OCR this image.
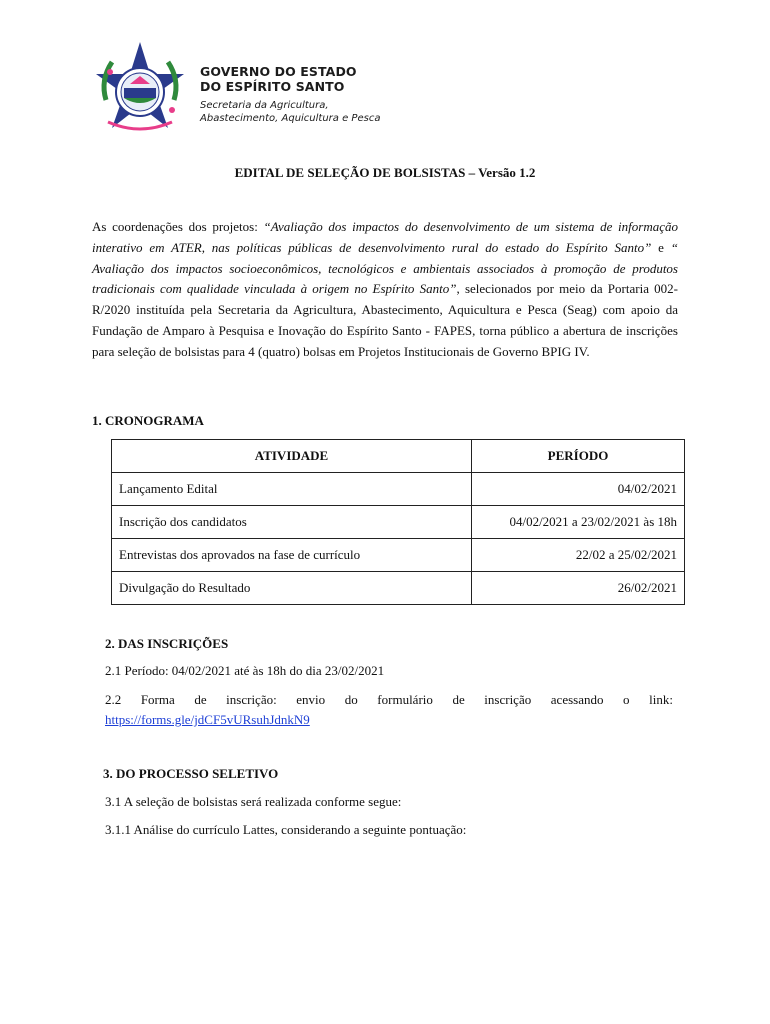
GOVERNO DO ESTADO
DO ESPÍRITO SANTO
Secretaria da Agricultura,
Abastecimento, Aquicultura e Pesca
EDITAL DE SELEÇÃO DE BOLSISTAS – Versão 1.2
As coordenações dos projetos: “Avaliação dos impactos do desenvolvimento de um sistema de informação interativo em ATER, nas políticas públicas de desenvolvimento rural do estado do Espírito Santo” e “ Avaliação dos impactos socioeconômicos, tecnológicos e ambientais associados à promoção de produtos tradicionais com qualidade vinculada à origem no Espírito Santo”, selecionados por meio da Portaria 002-R/2020 instituída pela Secretaria da Agricultura, Abastecimento, Aquicultura e Pesca (Seag) com apoio da Fundação de Amparo à Pesquisa e Inovação do Espírito Santo - FAPES, torna público a abertura de inscrições para seleção de bolsistas para 4 (quatro) bolsas em Projetos Institucionais de Governo BPIG IV.
1. CRONOGRAMA
ATIVIDADE	PERÍODO
Lançamento Edital	04/02/2021
Inscrição dos candidatos	04/02/2021 a 23/02/2021 às 18h
Entrevistas dos aprovados na fase de currículo	22/02 a 25/02/2021
Divulgação do Resultado	26/02/2021
2. DAS INSCRIÇÕES
2.1 Período: 04/02/2021 até às 18h do dia 23/02/2021
2.2 Forma de inscrição: envio do formulário de inscrição acessando o link:
https://forms.gle/jdCF5vURsuhJdnkN9
3. DO PROCESSO SELETIVO
3.1 A seleção de bolsistas será realizada conforme segue:
3.1.1 Análise do currículo Lattes, considerando a seguinte pontuação:
